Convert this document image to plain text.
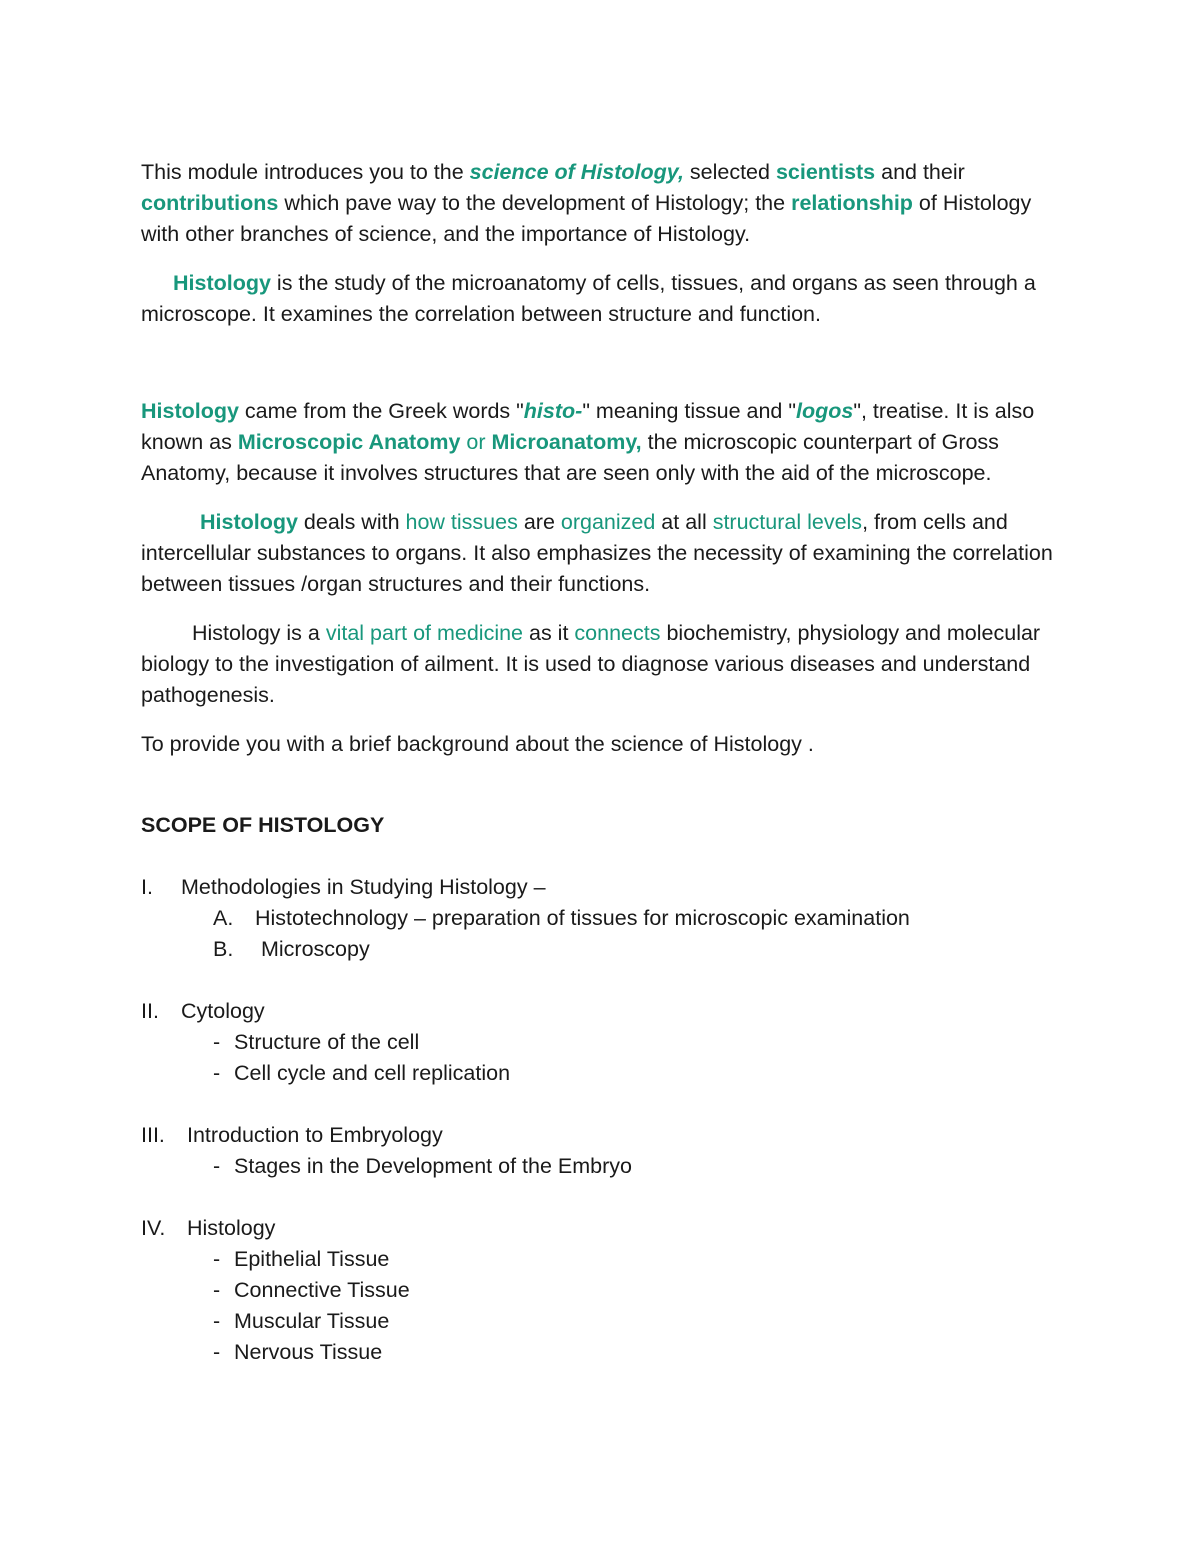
This module introduces you to the science of Histology, selected scientists and their contributions which pave way to the development of Histology; the relationship of Histology with other branches of science, and the importance of Histology.

Histology is the study of the microanatomy of cells, tissues, and organs as seen through a microscope. It examines the correlation between structure and function.

Histology came from the Greek words "histo-" meaning tissue and "logos", treatise. It is also known as Microscopic Anatomy or Microanatomy, the microscopic counterpart of Gross Anatomy, because it involves structures that are seen only with the aid of the microscope.

Histology deals with how tissues are organized at all structural levels, from cells and intercellular substances to organs. It also emphasizes the necessity of examining the correlation between tissues /organ structures and their functions.

Histology is a vital part of medicine as it connects biochemistry, physiology and molecular biology to the investigation of ailment. It is used to diagnose various diseases and understand pathogenesis.

To provide you with a brief background about the science of Histology .

SCOPE OF HISTOLOGY

I. Methodologies in Studying Histology –

A. Histotechnology – preparation of tissues for microscopic examination

B. Microscopy

II. Cytology

- Structure of the cell

- Cell cycle and cell replication

III. Introduction to Embryology

- Stages in the Development of the Embryo

IV. Histology

- Epithelial Tissue

- Connective Tissue

- Muscular Tissue

- Nervous Tissue
